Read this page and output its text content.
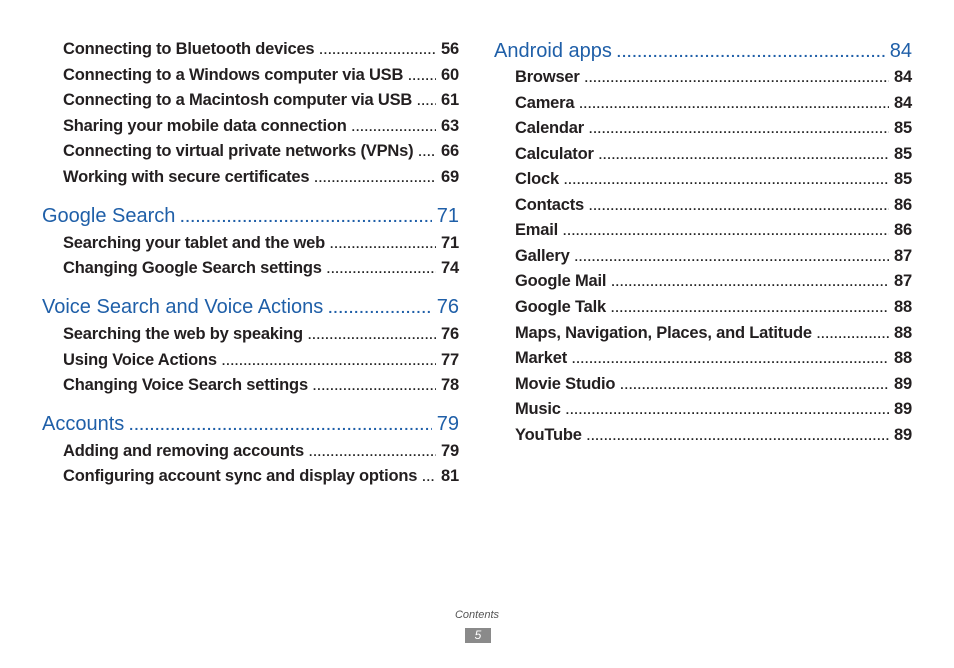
Connecting to Bluetooth devices .....	56
Connecting to a Windows computer via USB ..... 60
Connecting to a Macintosh computer via USB ..... 61
Sharing your mobile data connection .....	63
Connecting to virtual private networks (VPNs) ..... 66
Working with secure certificates .....	69
Google Search .....	71
Searching your tablet and the web .....	71
Changing Google Search settings .....	74
Voice Search and Voice Actions .....	76
Searching the web by speaking .....	76
Using Voice Actions .....	77
Changing Voice Search settings .....	78
Accounts .....	79
Adding and removing accounts .....	79
Configuring account sync and display options ..... 81
Android apps .....	84
Browser .....	84
Camera .....	84
Calendar .....	85
Calculator .....	85
Clock .....	85
Contacts .....	86
Email .....	86
Gallery .....	87
Google Mail .....	87
Google Talk .....	88
Maps, Navigation, Places, and Latitude .....	88
Market .....	88
Movie Studio .....	89
Music .....	89
YouTube .....	89
Contents
5
